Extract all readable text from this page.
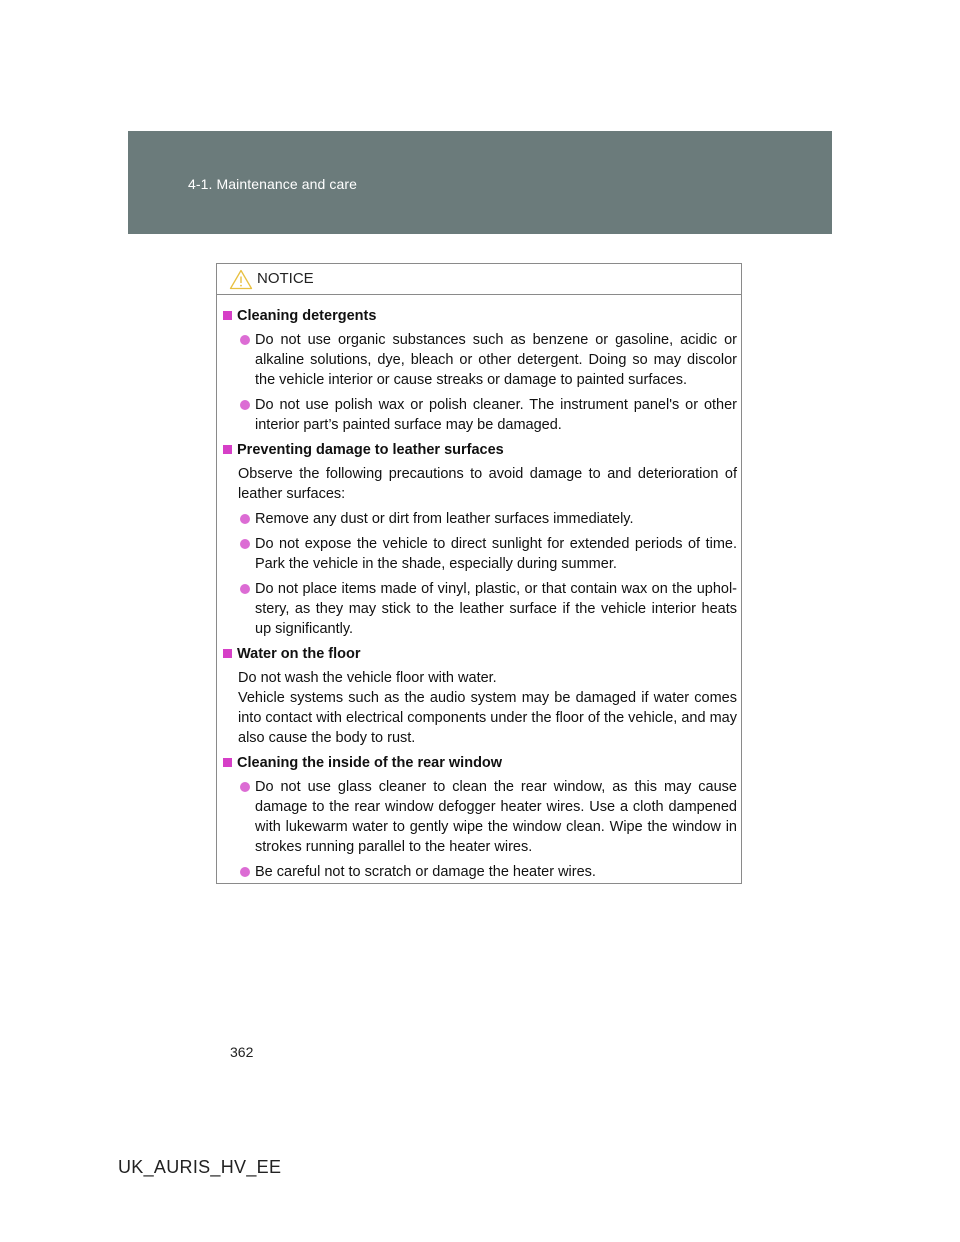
4-1. Maintenance and care
NOTICE
Cleaning detergents
Do not use organic substances such as benzene or gasoline, acidic or alkaline solutions, dye, bleach or other detergent. Doing so may discolor the vehicle interior or cause streaks or damage to painted surfaces.
Do not use polish wax or polish cleaner. The instrument panel's or other interior part’s painted surface may be damaged.
Preventing damage to leather surfaces
Observe the following precautions to avoid damage to and deterioration of leather surfaces:
Remove any dust or dirt from leather surfaces immediately.
Do not expose the vehicle to direct sunlight for extended periods of time. Park the vehicle in the shade, especially during summer.
Do not place items made of vinyl, plastic, or that contain wax on the uphol-stery, as they may stick to the leather surface if the vehicle interior heats up significantly.
Water on the floor
Do not wash the vehicle floor with water.
Vehicle systems such as the audio system may be damaged if water comes into contact with electrical components under the floor of the vehicle, and may also cause the body to rust.
Cleaning the inside of the rear window
Do not use glass cleaner to clean the rear window, as this may cause damage to the rear window defogger heater wires. Use a cloth dampened with lukewarm water to gently wipe the window clean. Wipe the window in strokes running parallel to the heater wires.
Be careful not to scratch or damage the heater wires.
362
UK_AURIS_HV_EE
